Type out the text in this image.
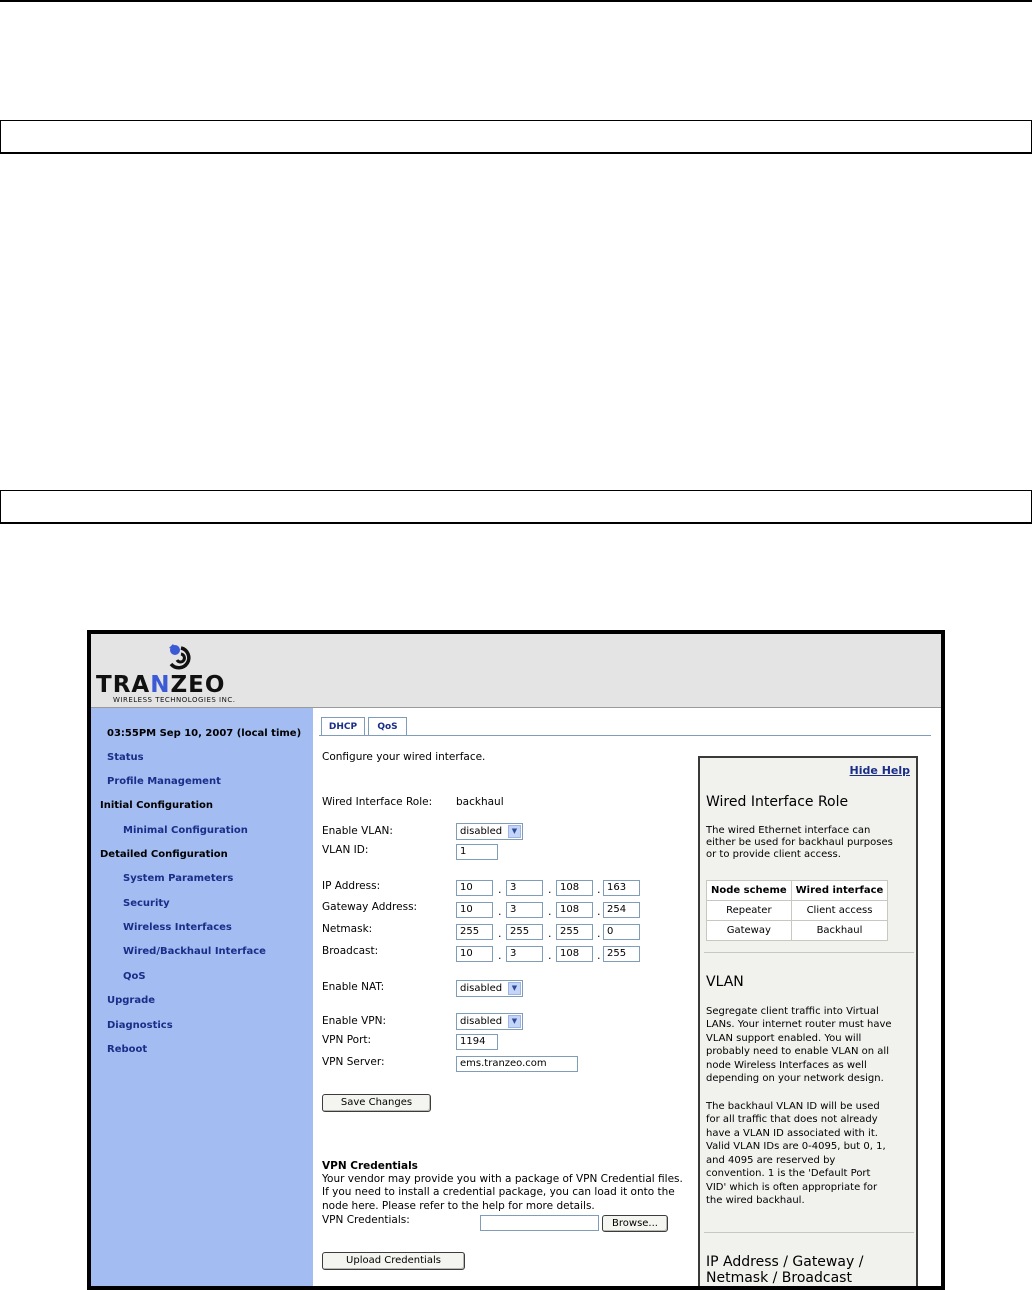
TRANZEO
WIRELESS TECHNOLOGIES INC.
03:55PM Sep 10, 2007 (local time)
Status
Profile Management
Initial Configuration
Minimal Configuration
Detailed Configuration
System Parameters
Security
Wireless Interfaces
Wired/Backhaul Interface
QoS
Upgrade
Diagnostics
Reboot
DHCP	QoS
Configure your wired interface.
Wired Interface Role: backhaul
Enable VLAN:	disabled	▼
VLAN ID:	1
IP Address:	10	. 3	. 108	. 163
Gateway Address:	10	. 3	. 108	. 254
Netmask:	255	. 255	. 255	. 0
Broadcast:	10	. 3	. 108	. 255
Enable NAT:	disabled	▼
Enable VPN:	disabled	▼
VPN Port:	1194
VPN Server:	ems.tranzeo.com
Save Changes
VPN Credentials
Your vendor may provide you with a package of VPN Credential files.
If you need to install a credential package, you can load it onto the
node here. Please refer to the help for more details.
VPN Credentials:	Browse...
Upload Credentials
Hide Help
Wired Interface Role
The wired Ethernet interface can
either be used for backhaul purposes
or to provide client access.
Node scheme	Wired interface
Repeater	Client access
Gateway	Backhaul
VLAN
Segregate client traffic into Virtual
LANs. Your internet router must have
VLAN support enabled. You will
probably need to enable VLAN on all
node Wireless Interfaces as well
depending on your network design.
The backhaul VLAN ID will be used
for all traffic that does not already
have a VLAN ID associated with it.
Valid VLAN IDs are 0-4095, but 0, 1,
and 4095 are reserved by
convention. 1 is the 'Default Port
VID' which is often appropriate for
the wired backhaul.
IP Address / Gateway /
Netmask / Broadcast
